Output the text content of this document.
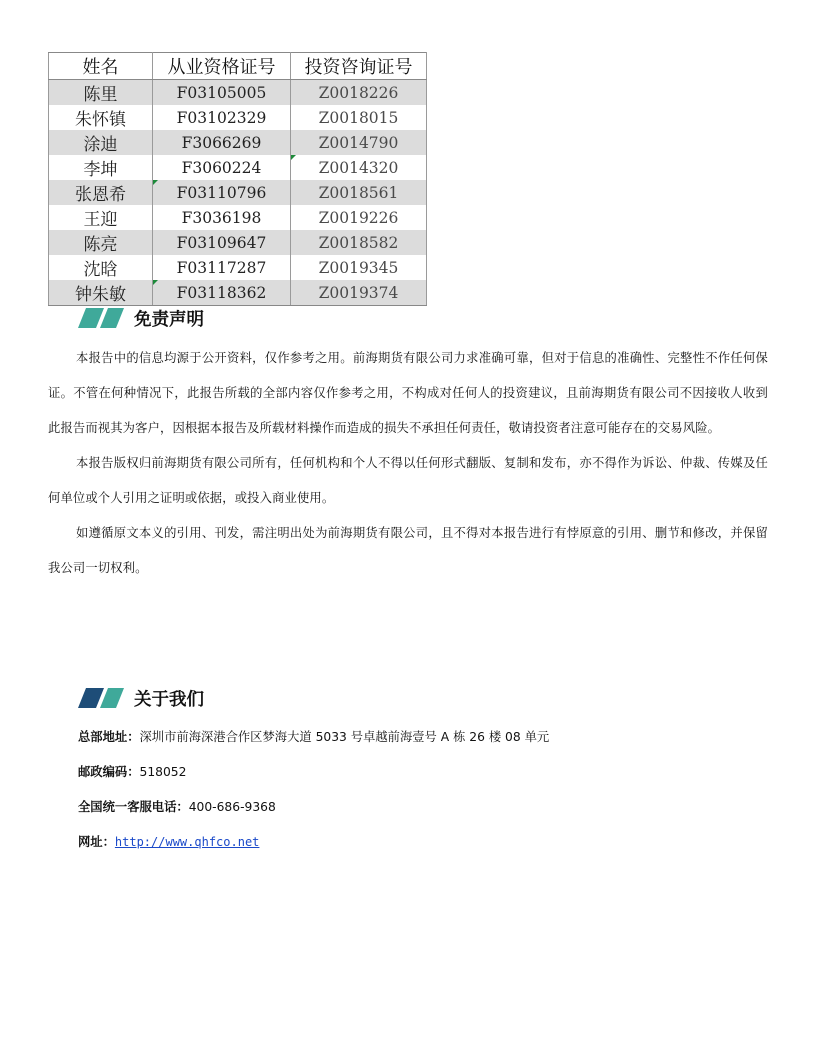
姓名	从业资格证号	投资咨询证号
陈里	F03105005	Z0018226
朱怀镇	F03102329	Z0018015
涂迪	F3066269	Z0014790
李坤	F3060224	Z0014320
张恩希	F03110796	Z0018561
王迎	F3036198	Z0019226
陈亮	F03109647	Z0018582
沈晗	F03117287	Z0019345
钟朱敏	F03118362	Z0019374
免责声明

本报告中的信息均源于公开资料，仅作参考之用。前海期货有限公司力求准确可靠，但对于信息的准确性、完整性不作任何保证。不管在何种情况下，此报告所载的全部内容仅作参考之用，不构成对任何人的投资建议，且前海期货有限公司不因接收人收到此报告而视其为客户，因根据本报告及所载材料操作而造成的损失不承担任何责任，敬请投资者注意可能存在的交易风险。

本报告版权归前海期货有限公司所有，任何机构和个人不得以任何形式翻版、复制和发布，亦不得作为诉讼、仲裁、传媒及任何单位或个人引用之证明或依据，或投入商业使用。

如遵循原文本义的引用、刊发，需注明出处为前海期货有限公司，且不得对本报告进行有悖原意的引用、删节和修改，并保留我公司一切权利。

关于我们
总部地址：深圳市前海深港合作区梦海大道 5033 号卓越前海壹号 A 栋 26 楼 08 单元
邮政编码：518052
全国统一客服电话：400-686-9368
网址：http://www.qhfco.net
